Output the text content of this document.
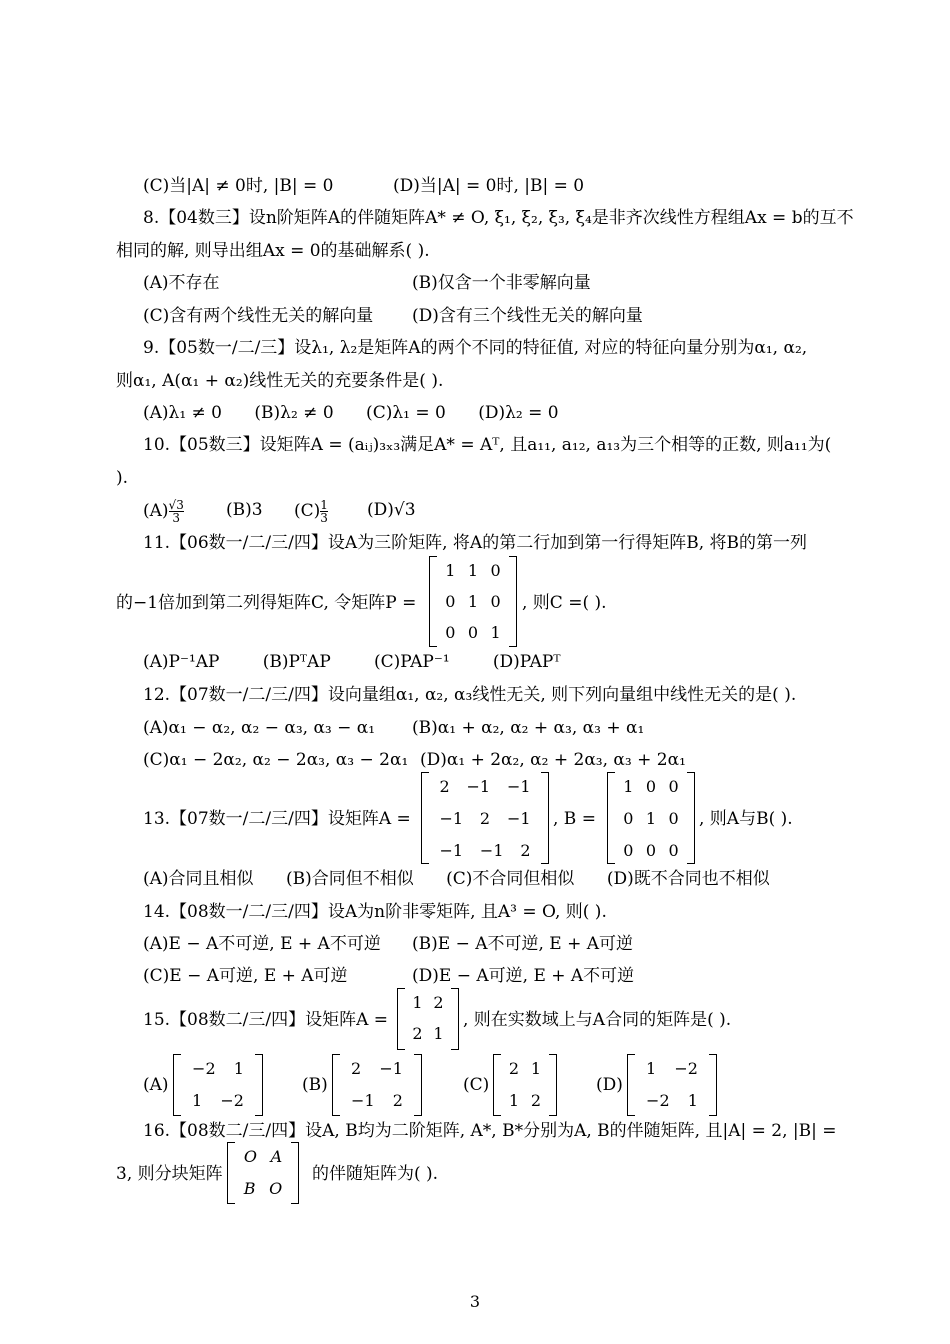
(C)当|A| ≠ 0时, |B| = 0	(D)当|A| = 0时, |B| = 0
8.【04数三】设n阶矩阵A的伴随矩阵A* ≠ O, ξ₁, ξ₂, ξ₃, ξ₄是非齐次线性方程组Ax = b的互不
相同的解, 则导出组Ax = 0的基础解系( ).
(A)不存在	(B)仅含一个非零解向量
(C)含有两个线性无关的解向量 (D)含有三个线性无关的解向量
9.【05数一/二/三】设λ₁, λ₂是矩阵A的两个不同的特征值, 对应的特征向量分别为α₁, α₂,
则α₁, A(α₁ + α₂)线性无关的充要条件是( ).
(A)λ₁ ≠ 0      (B)λ₂ ≠ 0      (C)λ₁ = 0      (D)λ₂ = 0
10.【05数三】设矩阵A = (aᵢⱼ)₃ₓ₃满足A* = Aᵀ, 且a₁₁, a₁₂, a₁₃为三个相等的正数, 则a₁₁为(
).
$(A) \frac{√3}{3} (B)3$ $(C) \frac{1}{3} (D)√3$
11.【06数一/二/三/四】设A为三阶矩阵, 将A的第二行加到第一行得矩阵B, 将B的第一列
的−1倍加到第二列得矩阵C, 令矩阵P =
1 1 0
0 1 0
0 0 1
, 则C =( ).
(A)P⁻¹AP        (B)PᵀAP        (C)PAP⁻¹        (D)PAPᵀ
12.【07数一/二/三/四】设向量组α₁, α₂, α₃线性无关, 则下列向量组中线性无关的是( ).
(A)α₁ − α₂, α₂ − α₃, α₃ − α₁ (B)α₁ + α₂, α₂ + α₃, α₃ + α₁
(C)α₁ − 2α₂, α₂ − 2α₃, α₃ − 2α₁ (D)α₁ + 2α₂, α₂ + 2α₃, α₃ + 2α₁
13.【07数一/二/三/四】设矩阵A =
2 −1 −1
−1 2 −1
−1 −1 2
, B =
1 0 0
0 1 0
0 0 0
, 则A与B( ).
(A)合同且相似      (B)合同但不相似      (C)不合同但相似      (D)既不合同也不相似
14.【08数一/二/三/四】设A为n阶非零矩阵, 且A³ = O, 则( ).
(A)E − A不可逆, E + A不可逆 (B)E − A不可逆, E + A可逆
(C)E − A可逆, E + A可逆	(D)E − A可逆, E + A不可逆
15.【08数二/三/四】设矩阵A =
1 2
2 1
, 则在实数域上与A合同的矩阵是( ).
(A)
−2 1
1 −2
(B)
2 −1
−1 2
(C)
2 1
1 2
(D)
1 −2
−2 1
16.【08数二/三/四】设A, B均为二阶矩阵, A*, B*分别为A, B的伴随矩阵, 且|A| = 2, |B| =
3, 则分块矩阵
O A
B O
的伴随矩阵为( ).
3
